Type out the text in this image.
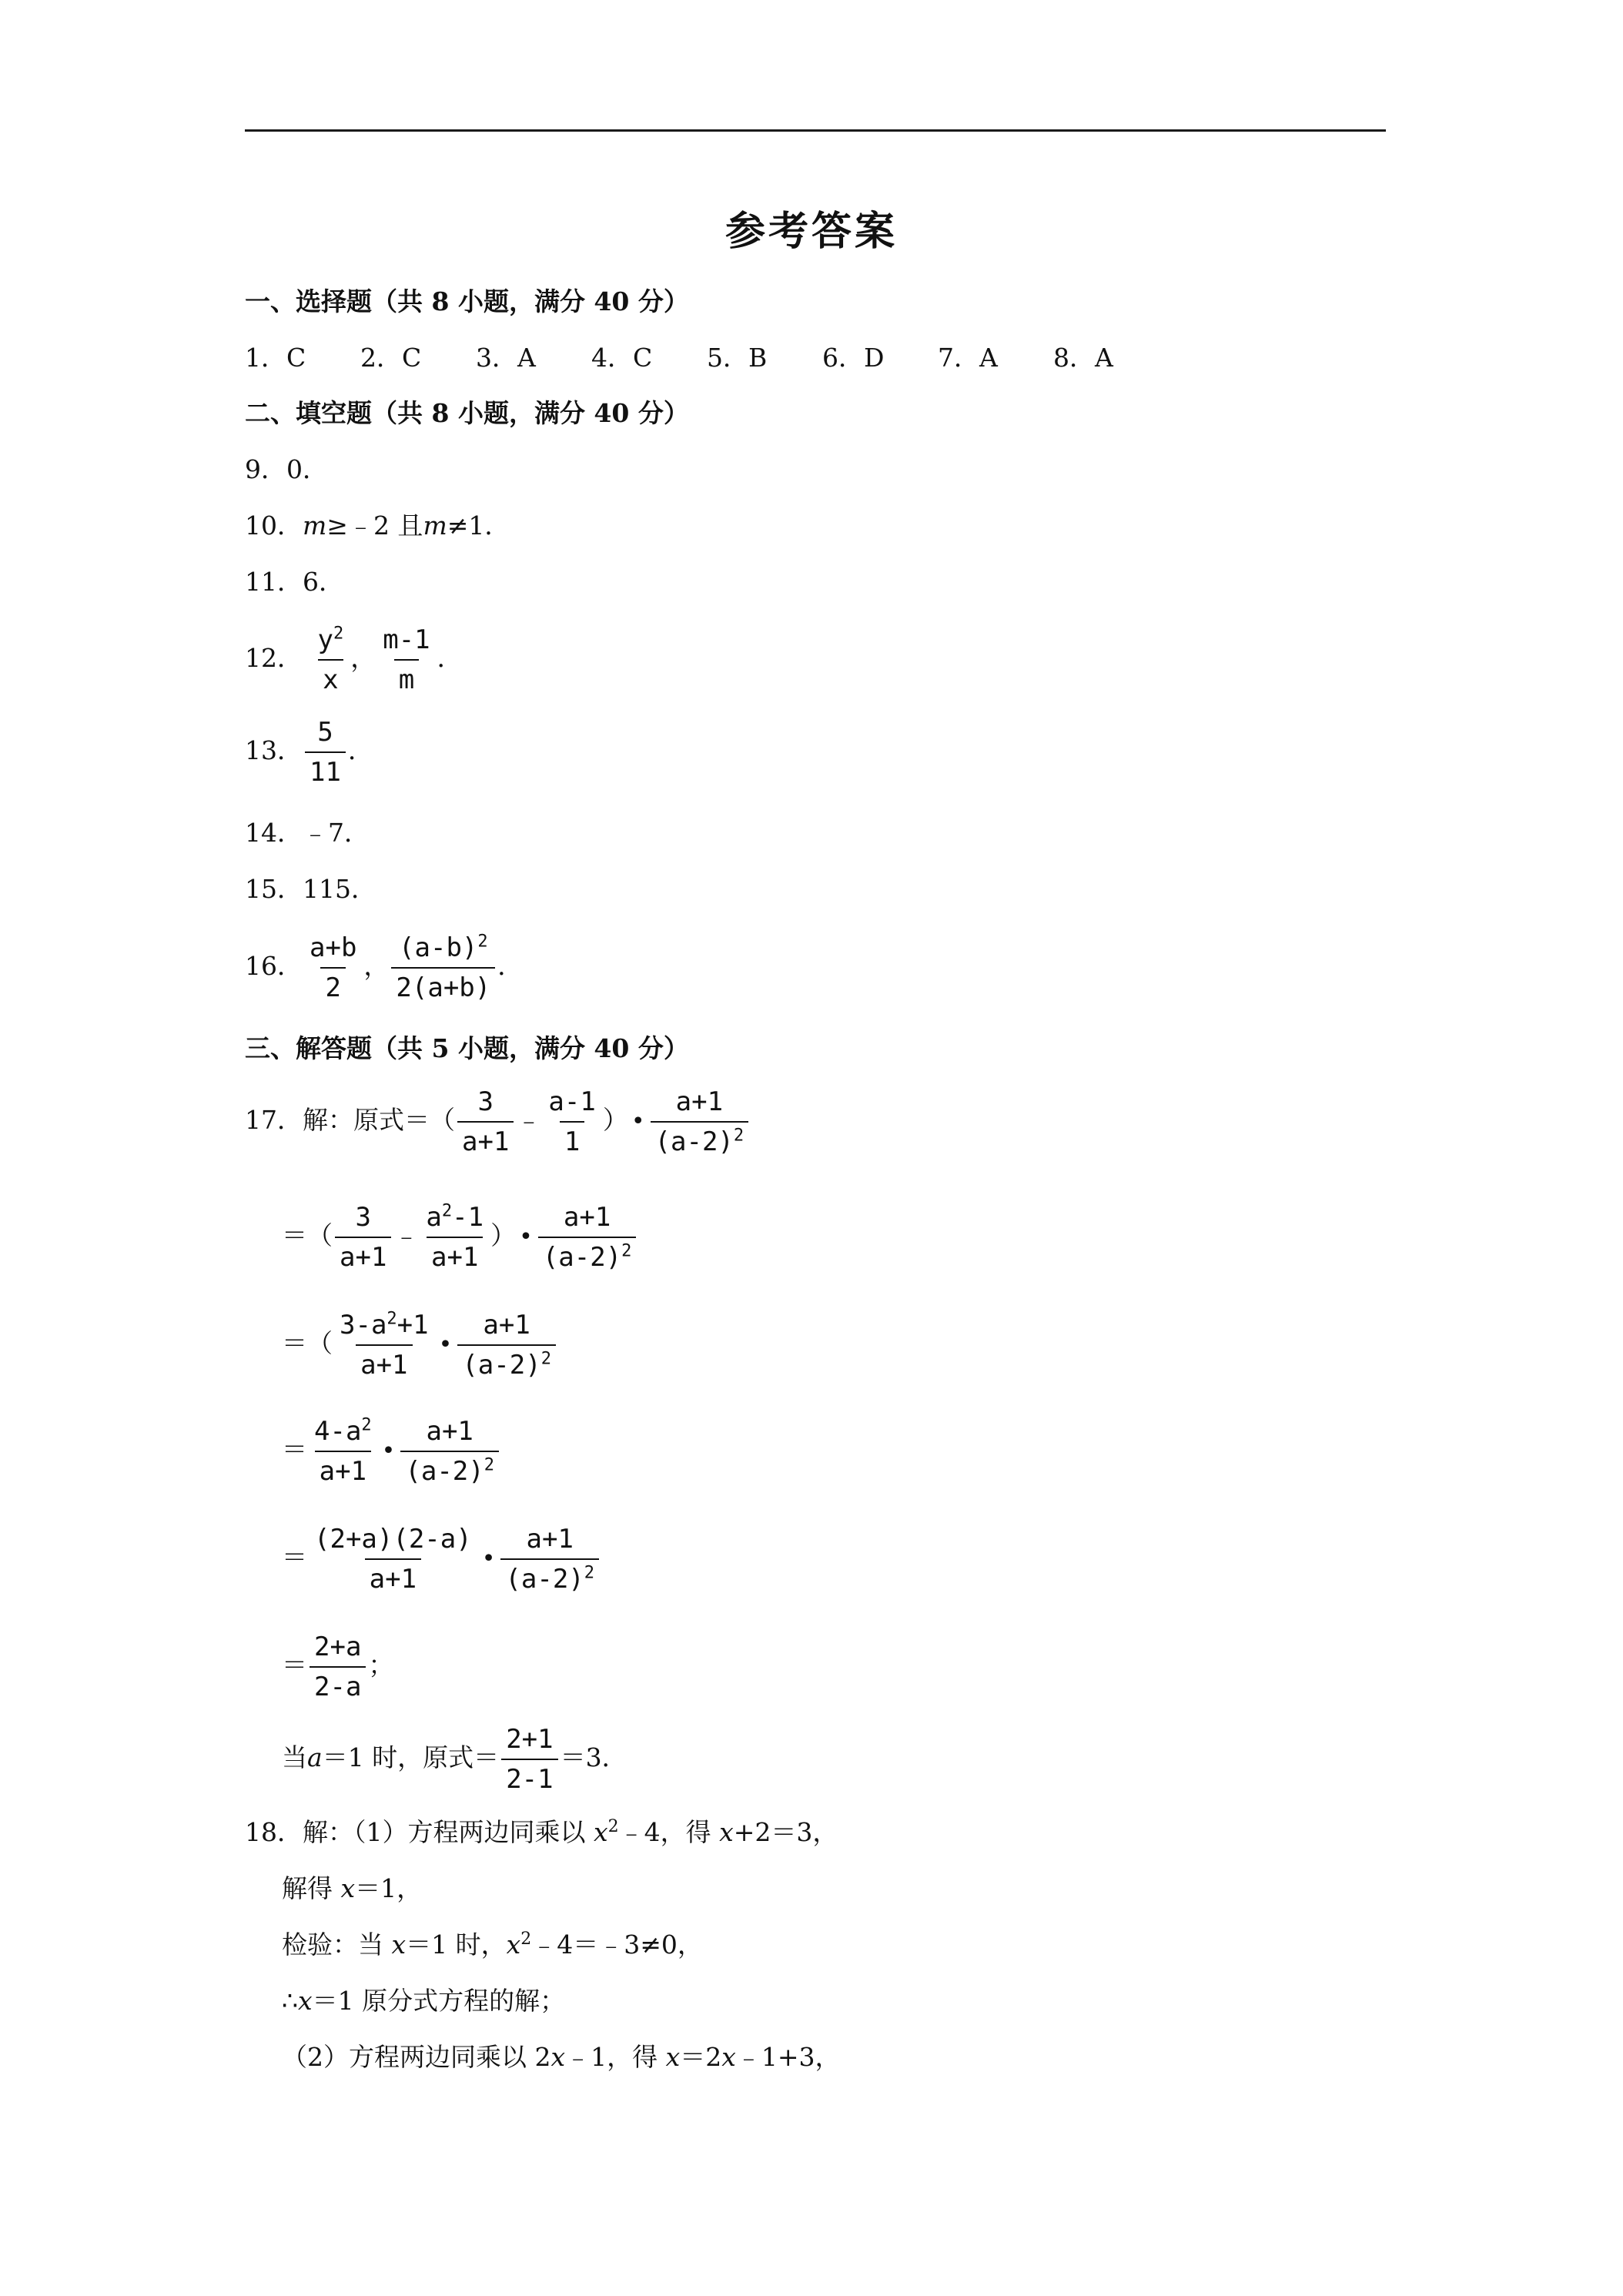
参考答案
一、选择题（共 8 小题，满分 40 分）
1．C 2．C 3．A 4．C 5．B 6．D 7．A 8．A
二、填空题（共 8 小题，满分 40 分）
9．0．
10．m≥﹣2 且m≠1．
11．6．
12． $\frac{y^2}{x}$ ， $\frac{m-1}{m}$ ．
13． $\frac{5}{11}$ ．
14．﹣7．
15．115．
16． $\frac{a+b}{2}$ ， $\frac{(a-b)^2}{2(a+b)}$ ．
三、解答题（共 5 小题，满分 40 分）
17．解：原式＝（ $\frac{3}{a+1}$ ﹣ $\frac{a-1}{1}$ ） • $\frac{a+1}{(a-2)^2}$
＝（ $\frac{3}{a+1}$ ﹣ $\frac{a^2-1}{a+1}$ ） • $\frac{a+1}{(a-2)^2}$
＝（ $\frac{3-a^2+1}{a+1}$ • $\frac{a+1}{(a-2)^2}$
＝ $\frac{4-a^2}{a+1}$ • $\frac{a+1}{(a-2)^2}$
＝ $\frac{(2+a)(2-a)}{a+1}$ • $\frac{a+1}{(a-2)^2}$
＝ $\frac{2+a}{2-a}$ ；
当a＝1 时，原式＝ $\frac{2+1}{2-1} =3$．
18．解：（1）方程两边同乘以 $x^2﹣4$，得 x+2＝3，
解得 x＝1，
检验：当 x＝1 时，$x^2﹣4=﹣3\ne 0$，
∴x＝1 原分式方程的解；
（2）方程两边同乘以 2x﹣1，得 x＝2x﹣1+3，
